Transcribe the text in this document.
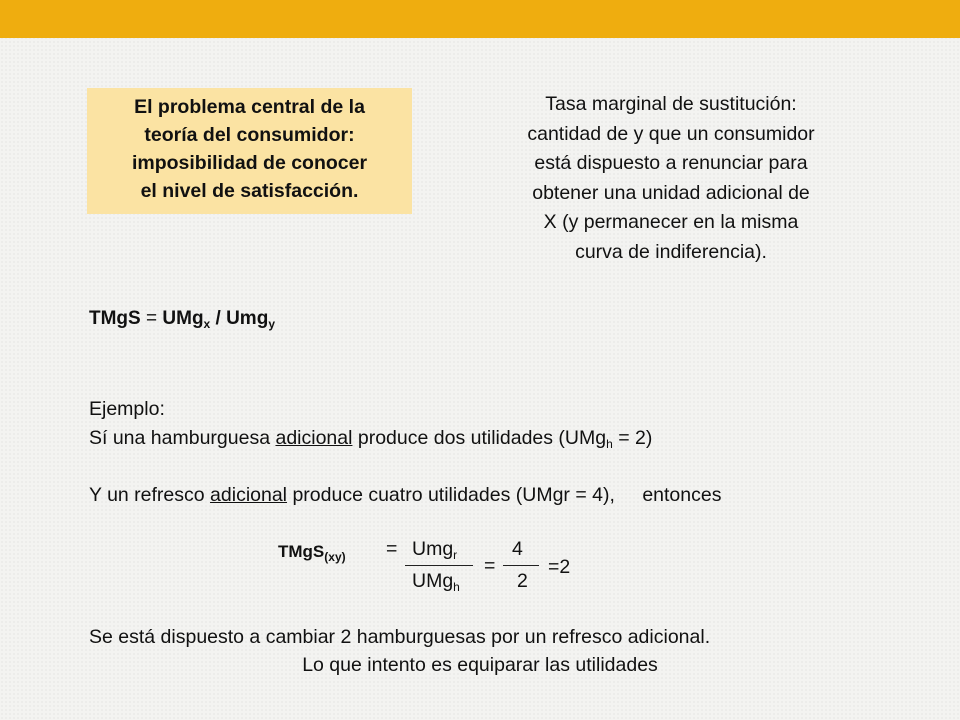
El problema central de la
teoría del consumidor:
imposibilidad de conocer
el nivel de satisfacción.
Tasa marginal de sustitución:
cantidad de y que un consumidor
está dispuesto a renunciar para
obtener una unidad adicional de
X (y permanecer en la misma
curva de indiferencia).
TMgS = UMg$_x$ / Umg$_y$
Ejemplo:
Sí una hamburguesa adicional produce dos utilidades (UMg$_h$ = 2)
Y un refresco adicional produce cuatro utilidades (UMgr = 4), entonces
TMgS$_{(xy)}$ = Umg$_r$
UMg$_h$
=
4
2
=2
Se está dispuesto a cambiar 2 hamburguesas por un refresco adicional.
Lo que intento es equiparar las utilidades
